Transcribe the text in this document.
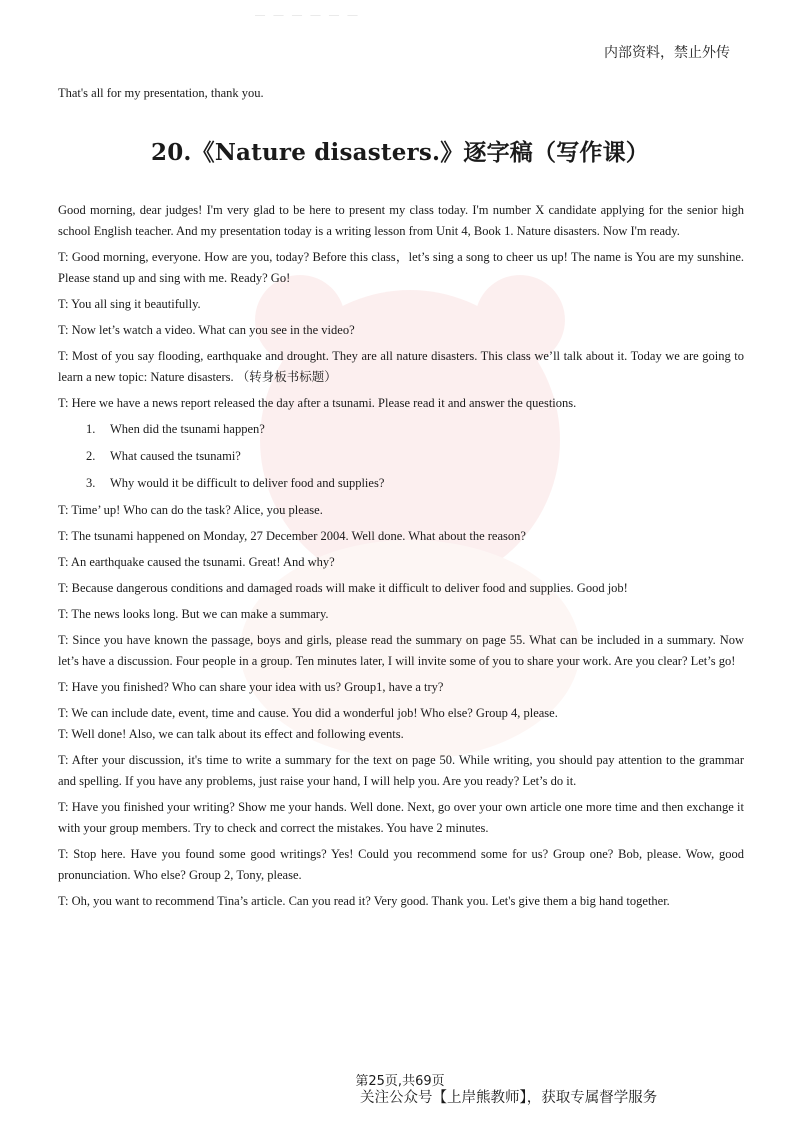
— — — — — —
内部资料，禁止外传
That's all for my presentation, thank you.
20.《Nature disasters.》逐字稿（写作课）

Good morning, dear judges! I'm very glad to be here to present my class today. I'm number X candidate applying for the senior high school English teacher. And my presentation today is a writing lesson from Unit 4, Book 1. Nature disasters. Now I'm ready.

T: Good morning, everyone. How are you, today? Before this class，let’s sing a song to cheer us up! The name is You are my sunshine. Please stand up and sing with me. Ready? Go!

T: You all sing it beautifully.

T: Now let’s watch a video. What can you see in the video?

T: Most of you say flooding, earthquake and drought. They are all nature disasters. This class we’ll talk about it. Today we are going to learn a new topic: Nature disasters. （转身板书标题）

T: Here we have a news report released the day after a tsunami. Please read it and answer the questions.

1. When did the tsunami happen?
2. What caused the tsunami?
3. Why would it be difficult to deliver food and supplies?

T: Time’ up! Who can do the task? Alice, you please.

T: The tsunami happened on Monday, 27 December 2004. Well done. What about the reason?

T: An earthquake caused the tsunami. Great! And why?

T: Because dangerous conditions and damaged roads will make it difficult to deliver food and supplies. Good job!

T: The news looks long. But we can make a summary.

T: Since you have known the passage, boys and girls, please read the summary on page 55. What can be included in a summary. Now let’s have a discussion. Four people in a group. Ten minutes later, I will invite some of you to share your work. Are you clear? Let’s go!

T: Have you finished? Who can share your idea with us? Group1, have a try?

T: We can include date, event, time and cause. You did a wonderful job! Who else? Group 4, please.

T: Well done! Also, we can talk about its effect and following events.

T: After your discussion, it's time to write a summary for the text on page 50. While writing, you should pay attention to the grammar and spelling. If you have any problems, just raise your hand, I will help you. Are you ready? Let’s do it.

T: Have you finished your writing? Show me your hands. Well done. Next, go over your own article one more time and then exchange it with your group members. Try to check and correct the mistakes. You have 2 minutes.

T: Stop here. Have you found some good writings? Yes! Could you recommend some for us? Group one? Bob, please. Wow, good pronunciation. Who else? Group 2, Tony, please.

T: Oh, you want to recommend Tina’s article. Can you read it? Very good. Thank you. Let's give them a big hand together.

第25页,共69页
关注公众号【上岸熊教师】，获取专属督学服务
